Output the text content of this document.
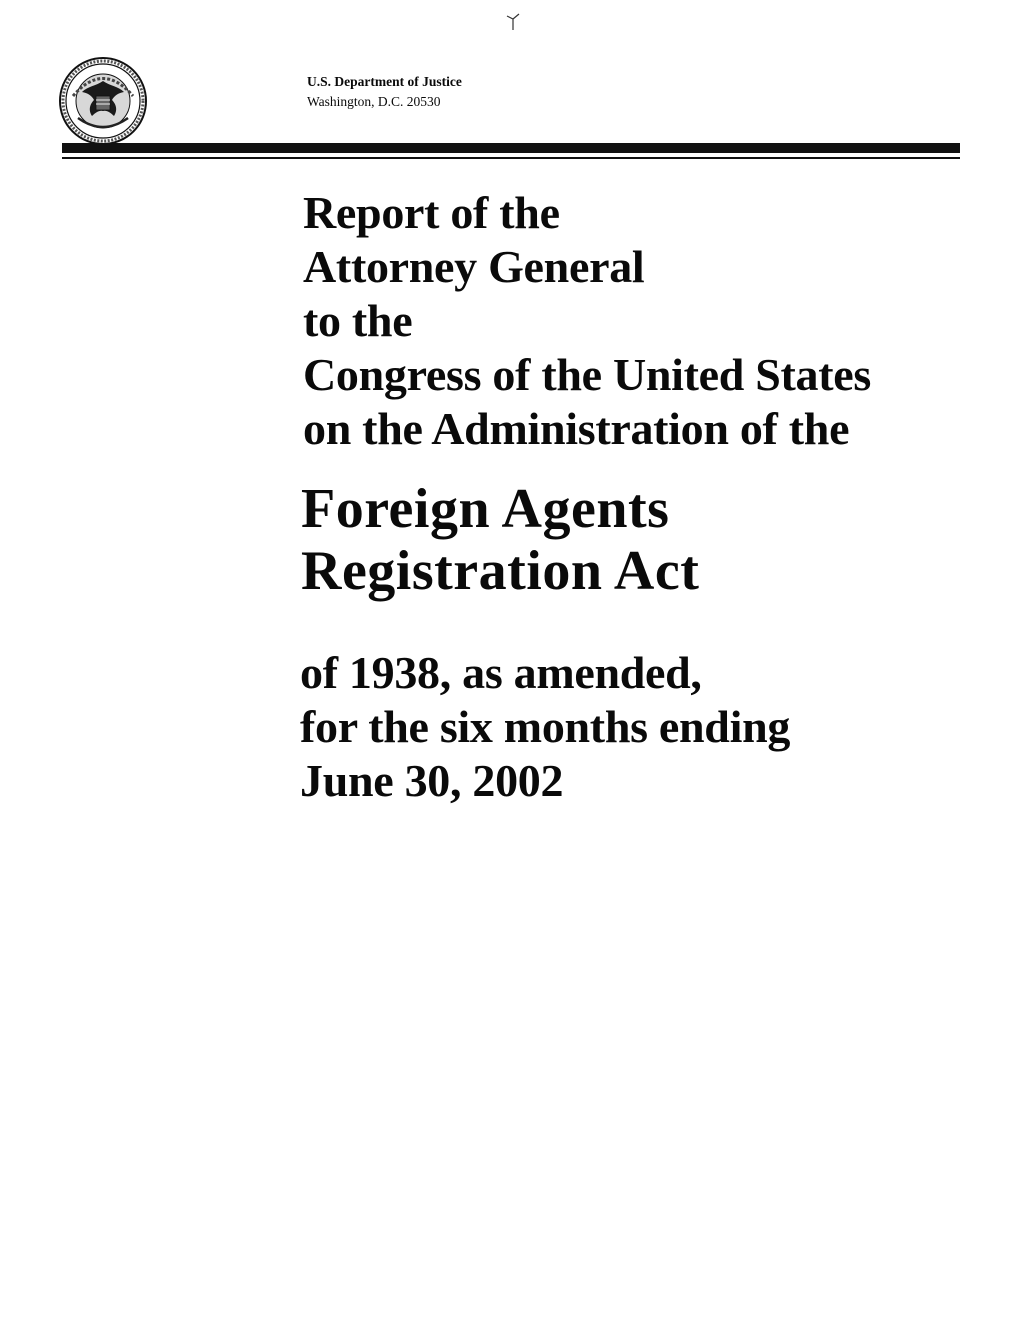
U.S. Department of Justice
Washington, D.C. 20530
Report of the
Attorney General
to the
Congress of the United States
on the Administration of the
Foreign Agents
Registration Act
of 1938, as amended,
for the six months ending
June 30, 2002
